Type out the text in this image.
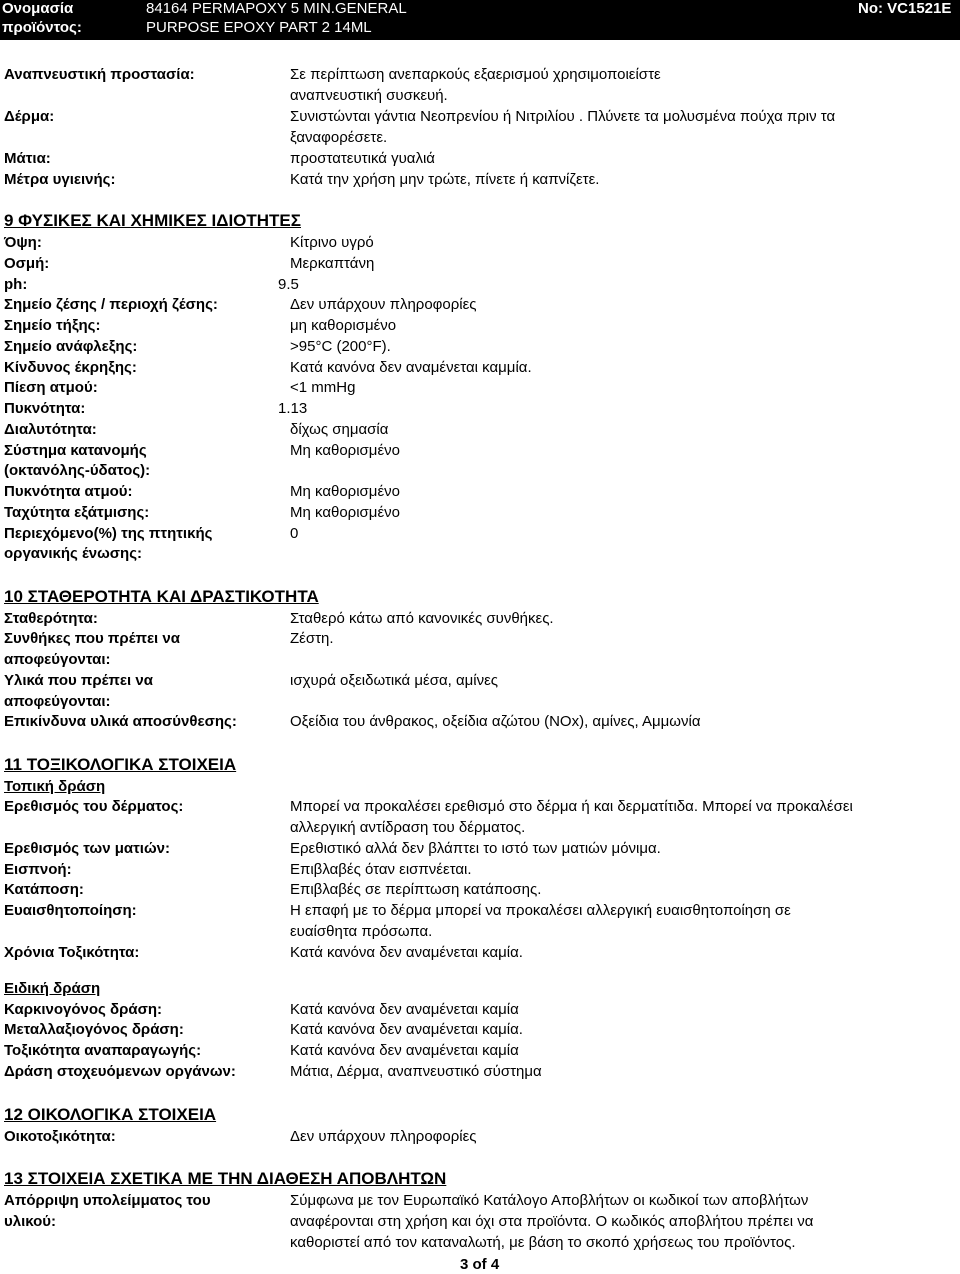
Ονομασία
προϊόντος:
84164 PERMAPOXY 5 MIN.GENERAL
PURPOSE EPOXY PART 2 14ML
No: VC1521E
Αναπνευστική προστασία:	Σε περίπτωση ανεπαρκούς εξαερισμού χρησιμοποιείστε
αναπνευστική συσκευή.
Δέρμα:	Συνιστώνται γάντια Νεοπρενίου ή Νιτριλίου . Πλύνετε τα μολυσμένα πούχα πριν τα
ξαναφορέσετε.
Μάτια:	προστατευτικά γυαλιά
Μέτρα υγιεινής:	Κατά την χρήση μην τρώτε, πίνετε ή καπνίζετε.
9 ΦΥΣΙΚΕΣ ΚΑΙ ΧΗΜΙΚΕΣ ΙΔΙΟΤΗΤΕΣ
Όψη:	Κίτρινο υγρό
Οσμή:	Μερκαπτάνη
ph:	9.5
Σημείο ζέσης / περιοχή ζέσης:	Δεν υπάρχουν πληροφορίες
Σημείο τήξης:	μη καθορισμένο
Σημείο ανάφλεξης:	>95°C (200°F).
Κίνδυνος έκρηξης:	Κατά κανόνα δεν αναμένεται καμμία.
Πίεση ατμού:	<1 mmHg
Πυκνότητα:	1.13
Διαλυτότητα:	δίχως σημασία
Σύστημα κατανομής
(οκτανόλης-ύδατος):
Μη καθορισμένο
Πυκνότητα ατμού:	Μη καθορισμένο
Ταχύτητα εξάτμισης:	Μη καθορισμένο
Περιεχόμενο(%) της πτητικής
οργανικής ένωσης:
0
10 ΣΤΑΘΕΡΟΤΗΤΑ ΚΑΙ ΔΡΑΣΤΙΚΟΤΗΤΑ
Σταθερότητα:	Σταθερό κάτω από κανονικές συνθήκες.
Συνθήκες που πρέπει να
αποφεύγονται:
Ζέστη.
Υλικά που πρέπει να
αποφεύγονται:
ισχυρά οξειδωτικά μέσα, αμίνες
Επικίνδυνα υλικά αποσύνθεσης:	Οξείδια του άνθρακος, οξείδια αζώτου (NOx), αμίνες, Αμμωνία
11 ΤΟΞΙΚΟΛΟΓΙΚΑ ΣΤΟΙΧΕΙΑ
Τοπική δράση
Ερεθισμός του δέρματος:	Μπορεί να προκαλέσει ερεθισμό στο δέρμα ή και δερματίτιδα. Μπορεί να προκαλέσει
αλλεργική αντίδραση του δέρματος.
Ερεθισμός των ματιών:	Ερεθιστικό αλλά δεν βλάπτει το ιστό των ματιών μόνιμα.
Εισπνοή:	Επιβλαβές όταν εισπνέεται.
Κατάποση:	Επιβλαβές σε περίπτωση κατάποσης.
Ευαισθητοποίηση:	Η επαφή με το δέρμα μπορεί να προκαλέσει αλλεργική ευαισθητοποίηση σε
ευαίσθητα πρόσωπα.
Χρόνια Τοξικότητα:	Κατά κανόνα δεν αναμένεται καμία.
Ειδική δράση
Καρκινογόνος δράση:	Κατά κανόνα δεν αναμένεται καμία
Μεταλλαξιογόνος δράση:	Κατά κανόνα δεν αναμένεται καμία.
Τοξικότητα αναπαραγωγής:	Κατά κανόνα δεν αναμένεται καμία
Δράση στοχευόμενων οργάνων:	Μάτια, Δέρμα, αναπνευστικό σύστημα
12 ΟΙΚΟΛΟΓΙΚΑ ΣΤΟΙΧΕΙΑ
Οικοτοξικότητα:	Δεν υπάρχουν πληροφορίες
13 ΣΤΟΙΧΕΙΑ ΣΧΕΤΙΚΑ ΜΕ ΤΗΝ ΔΙΑΘΕΣΗ ΑΠΟΒΛΗΤΩΝ
Απόρριψη υπολείμματος του
υλικού:
Σύμφωνα με τον Ευρωπαϊκό Κατάλογο Αποβλήτων οι κωδικοί των αποβλήτων
αναφέρονται στη χρήση και όχι στα προϊόντα. Ο κωδικός αποβλήτου πρέπει να
καθοριστεί από τον καταναλωτή, με βάση το σκοπό χρήσεως του προϊόντος.
3 of 4
